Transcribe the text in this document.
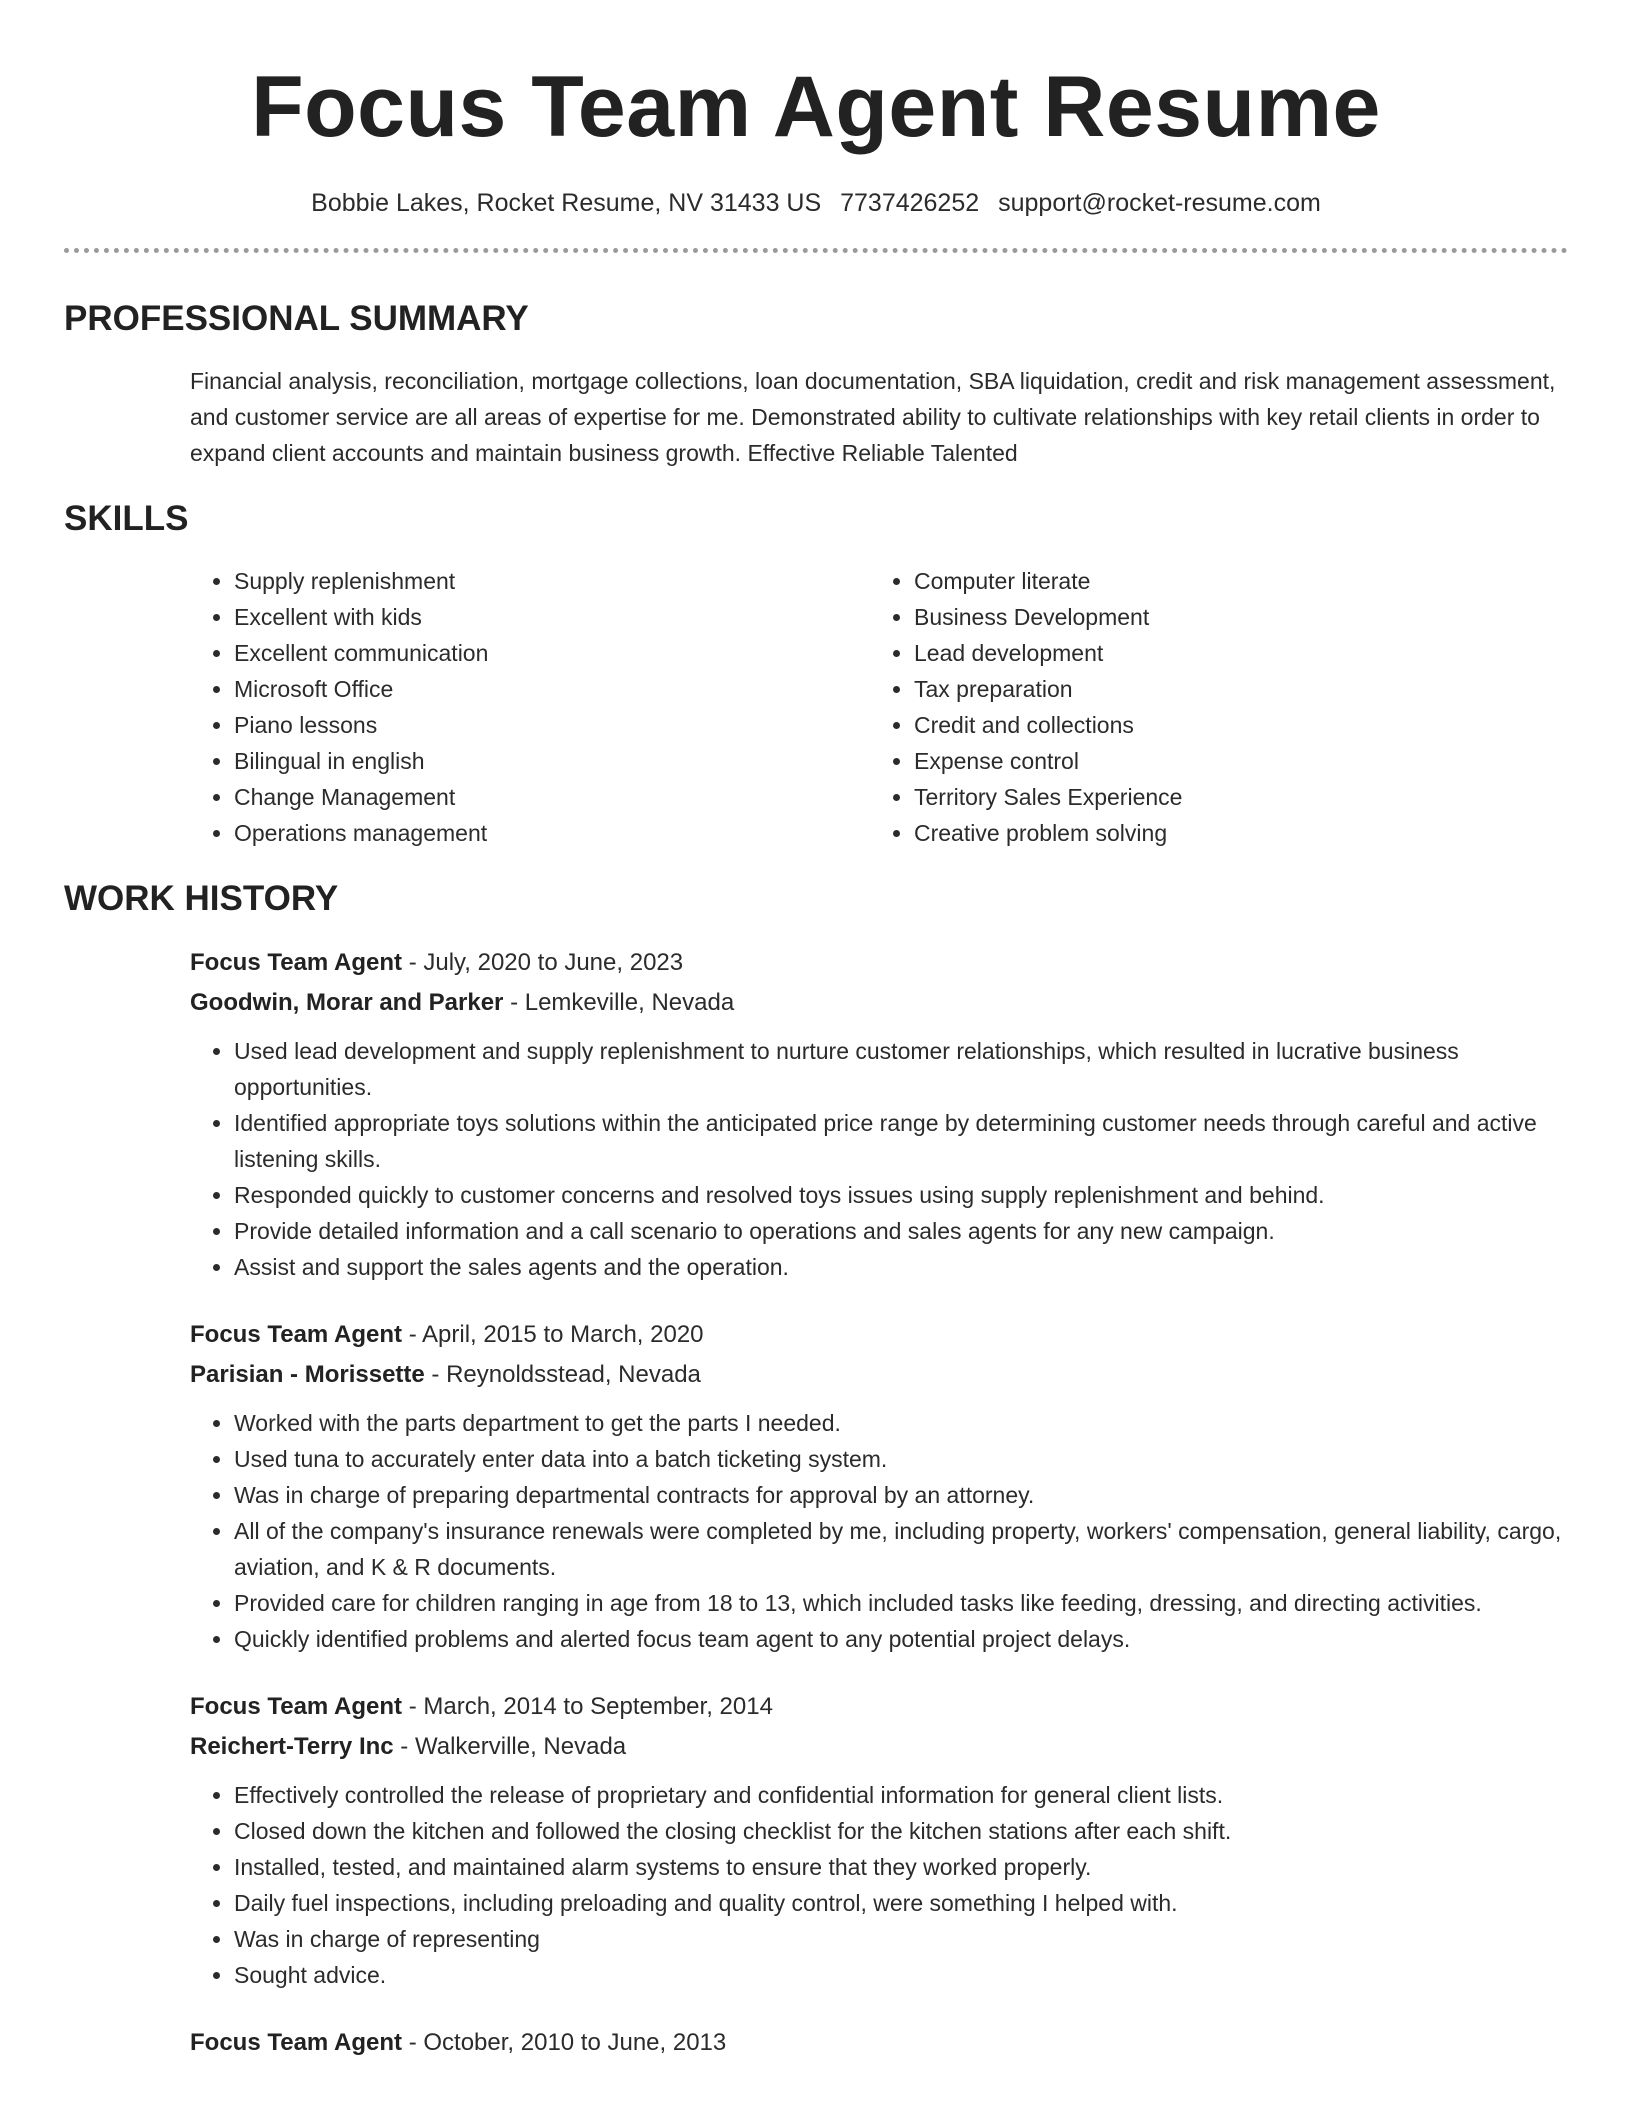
Focus Team Agent Resume
Bobbie Lakes, Rocket Resume, NV 31433 US 7737426252 support@rocket-resume.com
PROFESSIONAL SUMMARY
Financial analysis, reconciliation, mortgage collections, loan documentation, SBA liquidation, credit and risk management assessment, and customer service are all areas of expertise for me. Demonstrated ability to cultivate relationships with key retail clients in order to expand client accounts and maintain business growth. Effective Reliable Talented
SKILLS
• Supply replenishment
• Excellent with kids
• Excellent communication
• Microsoft Office
• Piano lessons
• Bilingual in english
• Change Management
• Operations management
• Computer literate
• Business Development
• Lead development
• Tax preparation
• Credit and collections
• Expense control
• Territory Sales Experience
• Creative problem solving
WORK HISTORY
Focus Team Agent - July, 2020 to June, 2023
Goodwin, Morar and Parker - Lemkeville, Nevada
• Used lead development and supply replenishment to nurture customer relationships, which resulted in lucrative business opportunities.
• Identified appropriate toys solutions within the anticipated price range by determining customer needs through careful and active listening skills.
• Responded quickly to customer concerns and resolved toys issues using supply replenishment and behind.
• Provide detailed information and a call scenario to operations and sales agents for any new campaign.
• Assist and support the sales agents and the operation.
Focus Team Agent - April, 2015 to March, 2020
Parisian - Morissette - Reynoldsstead, Nevada
• Worked with the parts department to get the parts I needed.
• Used tuna to accurately enter data into a batch ticketing system.
• Was in charge of preparing departmental contracts for approval by an attorney.
• All of the company's insurance renewals were completed by me, including property, workers' compensation, general liability, cargo, aviation, and K & R documents.
• Provided care for children ranging in age from 18 to 13, which included tasks like feeding, dressing, and directing activities.
• Quickly identified problems and alerted focus team agent to any potential project delays.
Focus Team Agent - March, 2014 to September, 2014
Reichert-Terry Inc - Walkerville, Nevada
• Effectively controlled the release of proprietary and confidential information for general client lists.
• Closed down the kitchen and followed the closing checklist for the kitchen stations after each shift.
• Installed, tested, and maintained alarm systems to ensure that they worked properly.
• Daily fuel inspections, including preloading and quality control, were something I helped with.
• Was in charge of representing
• Sought advice.
Focus Team Agent - October, 2010 to June, 2013
